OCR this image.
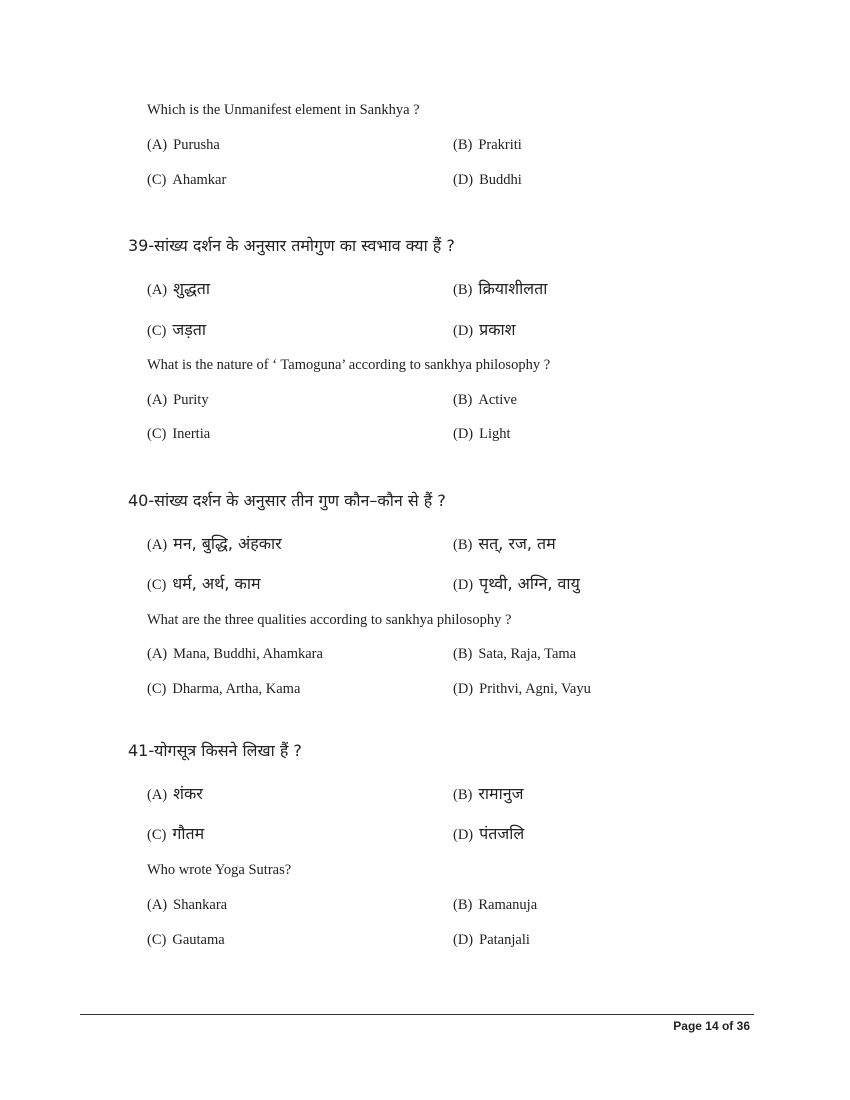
Which is the Unmanifest element in Sankhya ?
(A) Purusha	(B) Prakriti
(C) Ahamkar	(D) Buddhi
39-सांख्य दर्शन के अनुसार तमोगुण का स्वभाव क्या हैं ?
(A) शुद्धता	(B) क्रियाशीलता
(C) जड़ता	(D) प्रकाश
What is the nature of ‘ Tamoguna’ according to sankhya philosophy ?
(A) Purity	(B) Active
(C) Inertia	(D) Light
40-सांख्य दर्शन के अनुसार तीन गुण कौन–कौन से हैं ?
(A) मन, बुद्धि, अंहकार	(B) सत्, रज, तम
(C) धर्म, अर्थ, काम	(D) पृथ्वी, अग्नि, वायु
What are the three qualities according to sankhya philosophy ?
(A) Mana, Buddhi, Ahamkara	(B) Sata, Raja, Tama
(C) Dharma, Artha, Kama	(D) Prithvi, Agni, Vayu
41-योगसूत्र किसने लिखा हैं ?
(A) शंकर	(B) रामानुज
(C) गौतम	(D) पंतजलि
Who wrote Yoga Sutras?
(A) Shankara	(B) Ramanuja
(C) Gautama	(D) Patanjali
Page 14 of 36
